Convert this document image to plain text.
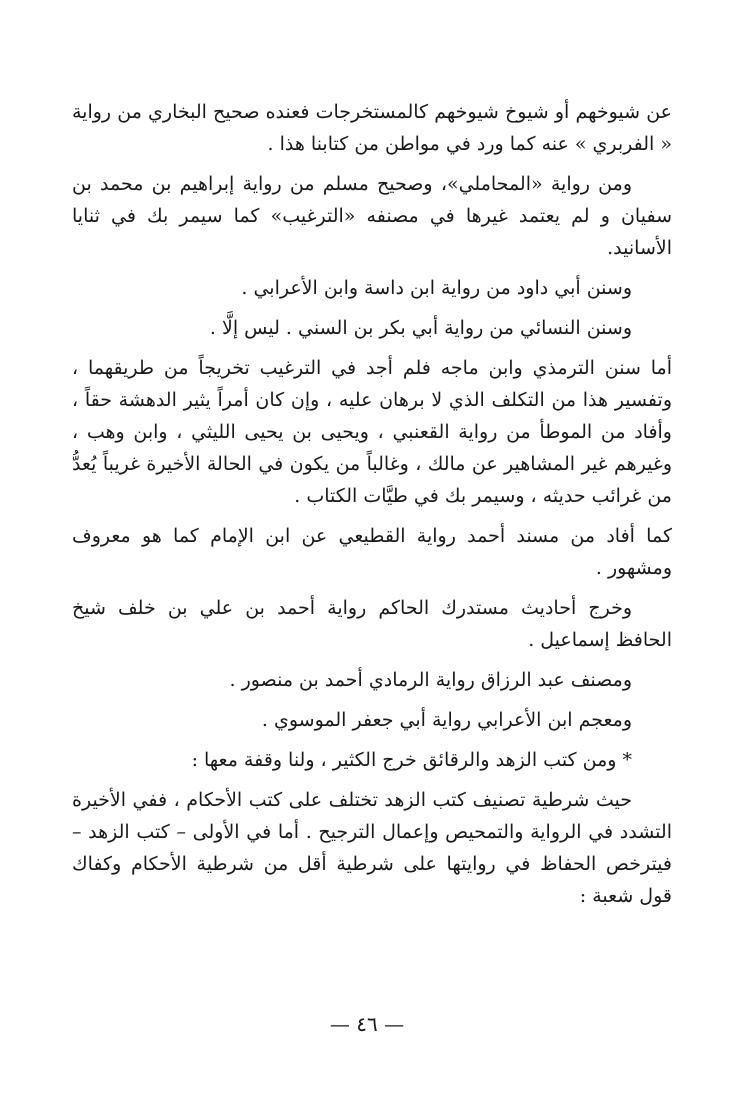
عن شيوخهم أو شيوخ شيوخهم كالمستخرجات فعنده صحيح البخاري من رواية « الفربري » عنه كما ورد في مواطن من كتابنا هذا .

ومن رواية «المحاملي»، وصحيح مسلم من رواية إبراهيم بن محمد بن سفيان و لم يعتمد غيرها في مصنفه «الترغيب» كما سيمر بك في ثنايا الأسانيد.

وسنن أبي داود من رواية ابن داسة وابن الأعرابي .

وسنن النسائي من رواية أبي بكر بن السني . ليس إلَّا .

أما سنن الترمذي وابن ماجه فلم أجد في الترغيب تخريجاً من طريقهما ، وتفسير هذا من التكلف الذي لا برهان عليه ، وإن كان أمراً يثير الدهشة حقاً ، وأفاد من الموطأ من رواية القعنبي ، ويحيى بن يحيى الليثي ، وابن وهب ، وغيرهم غير المشاهير عن مالك ، وغالباً من يكون في الحالة الأخيرة غريباً يُعدُّ من غرائب حديثه ، وسيمر بك في طيَّات الكتاب .

كما أفاد من مسند أحمد رواية القطيعي عن ابن الإمام كما هو معروف ومشهور .

وخرج أحاديث مستدرك الحاكم رواية أحمد بن علي بن خلف شيخ الحافظ إسماعيل .

ومصنف عبد الرزاق رواية الرمادي أحمد بن منصور .

ومعجم ابن الأعرابي رواية أبي جعفر الموسوي .

* ومن كتب الزهد والرقائق خرج الكثير ، ولنا وقفة معها :

حيث شرطية تصنيف كتب الزهد تختلف على كتب الأحكام ، ففي الأخيرة التشدد في الرواية والتمحيص وإعمال الترجيح . أما في الأولى – كتب الزهد – فيترخص الحفاظ في روايتها على شرطية أقل من شرطية الأحكام وكفاك قول شعبة :

— ٤٦ —
